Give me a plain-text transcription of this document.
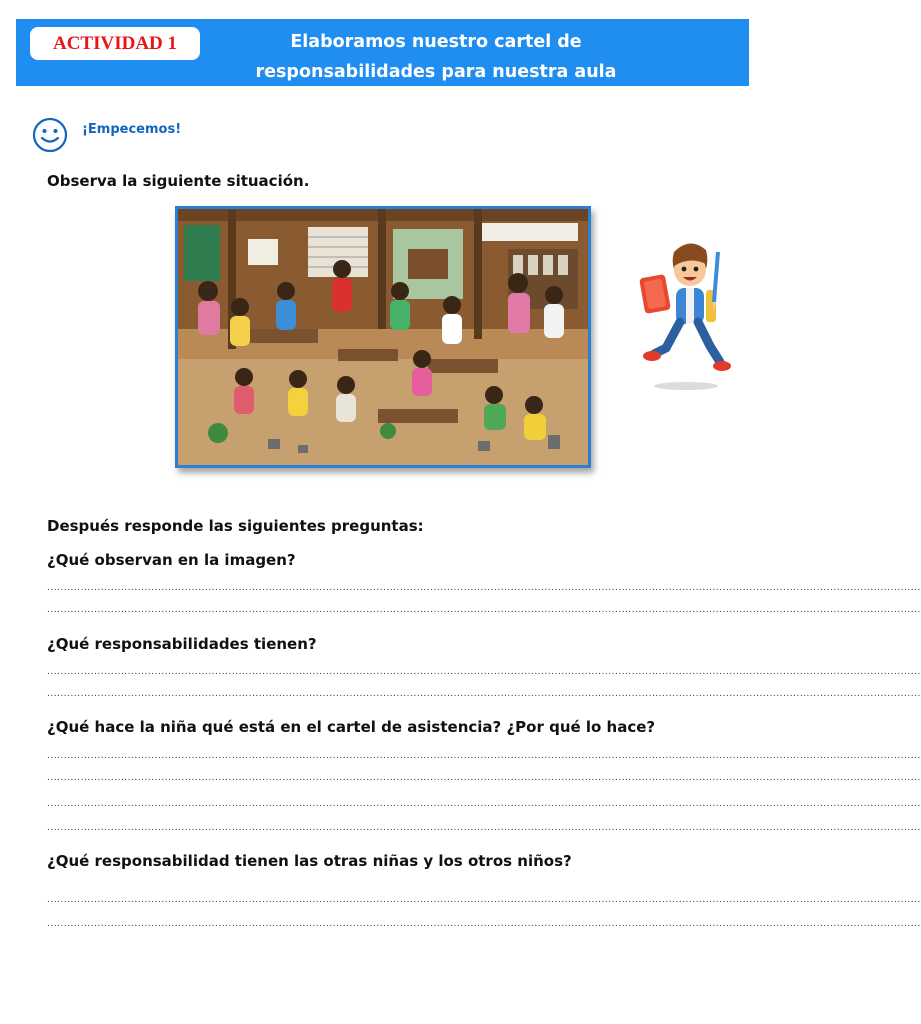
ACTIVIDAD 1	Elaboramos nuestro cartel de
responsabilidades para nuestra aula
¡Empecemos!
Observa la siguiente situación.
Después responde las siguientes preguntas:
¿Qué observan en la imagen?
....................................................................................................................................................................................................................................................................
....................................................................................................................................................................................................................................................................
¿Qué responsabilidades tienen?
....................................................................................................................................................................................................................................................................
....................................................................................................................................................................................................................................................................
¿Qué hace la niña qué está en el cartel de asistencia? ¿Por qué lo hace?
....................................................................................................................................................................................................................................................................
....................................................................................................................................................................................................................................................................
....................................................................................................................................................................................................................................................................
....................................................................................................................................................................................................................................................................
¿Qué responsabilidad tienen las otras niñas y los otros niños?
....................................................................................................................................................................................................................................................................
....................................................................................................................................................................................................................................................................
